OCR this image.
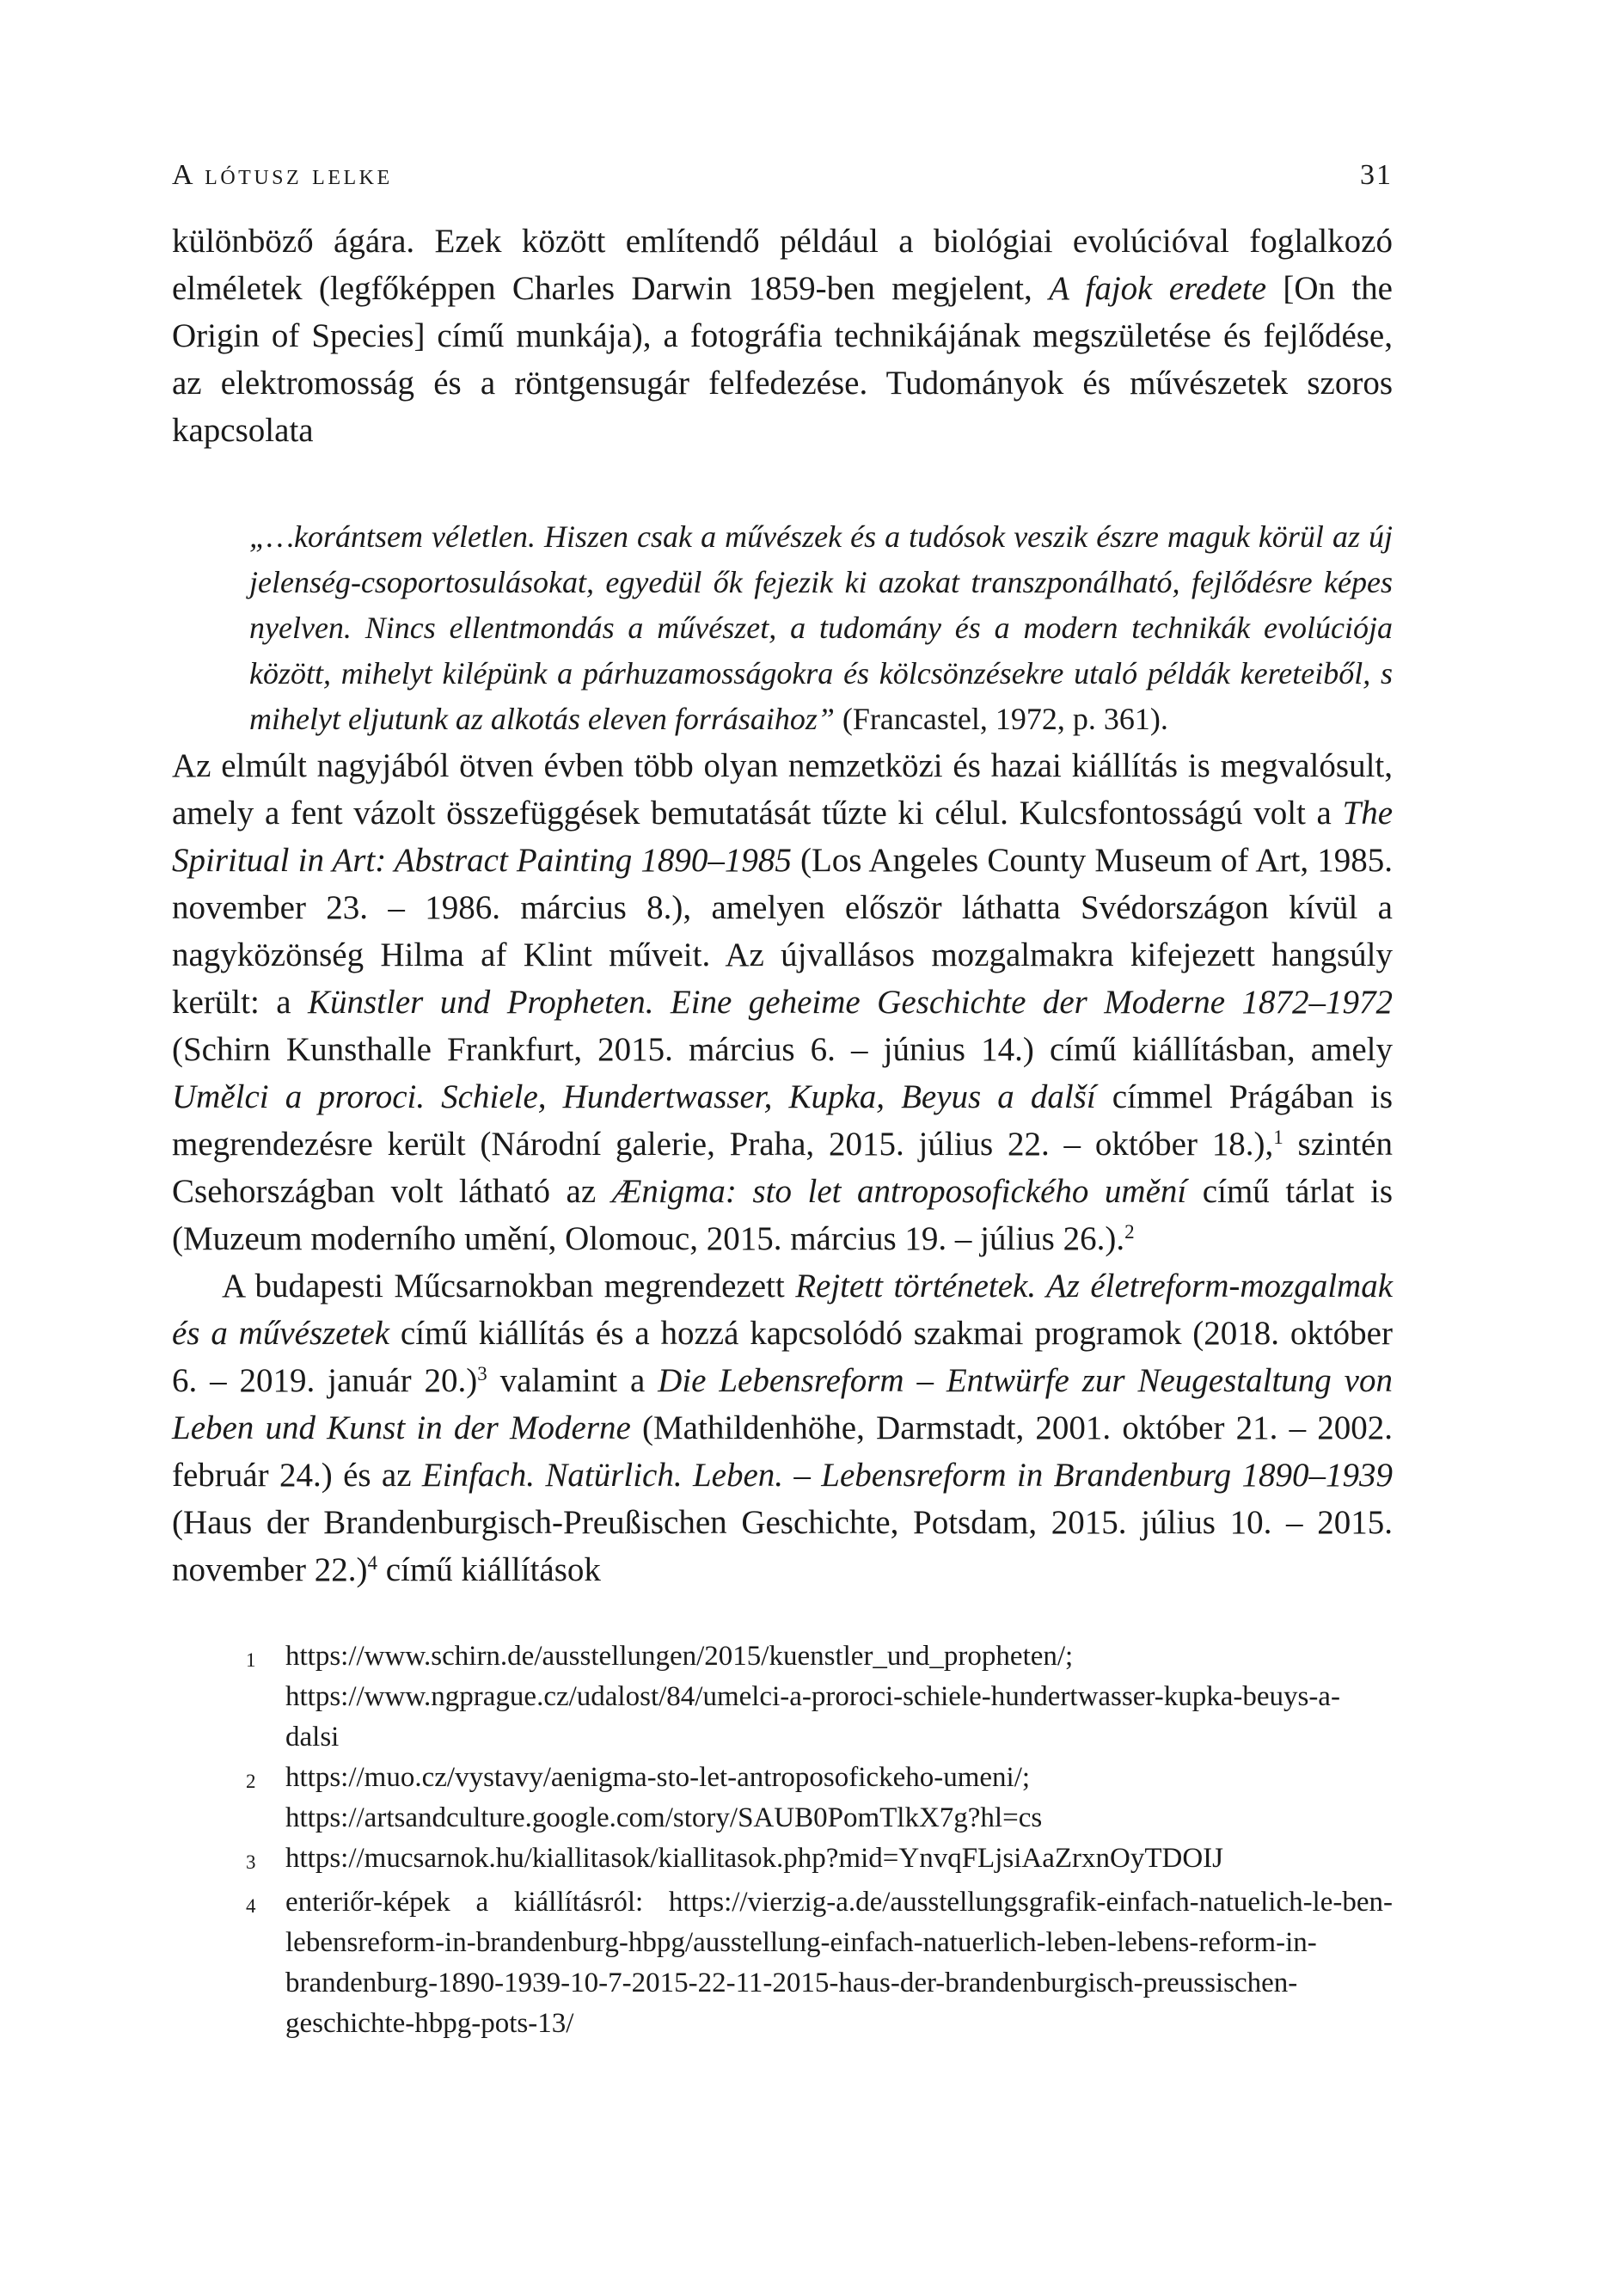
A lótusz lelke	31

különböző ágára. Ezek között említendő például a biológiai evolúcióval foglalkozó elméletek (legfőképpen Charles Darwin 1859-ben megjelent, A fajok eredete [On the Origin of Species] című munkája), a fotográfia technikájának megszületése és fejlődése, az elektromosság és a röntgensugár felfedezése. Tudományok és művészetek szoros kapcsolata

„…korántsem véletlen. Hiszen csak a művészek és a tudósok veszik észre maguk körül az új jelenség-csoportosulásokat, egyedül ők fejezik ki azokat transzponálható, fejlődésre képes nyelven. Nincs ellentmondás a művészet, a tudomány és a modern technikák evolúciója között, mihelyt kilépünk a párhuzamosságokra és kölcsönzésekre utaló példák kereteiből, s mihelyt eljutunk az alkotás eleven forrásaihoz” (Francastel, 1972, p. 361).

Az elmúlt nagyjából ötven évben több olyan nemzetközi és hazai kiállítás is megvalósult, amely a fent vázolt összefüggések bemutatását tűzte ki célul. Kulcsfontosságú volt a The Spiritual in Art: Abstract Painting 1890–1985 (Los Angeles County Museum of Art, 1985. november 23. – 1986. március 8.), amelyen először láthatta Svédországon kívül a nagyközönség Hilma af Klint műveit. Az újvallásos mozgalmakra kifejezett hangsúly került: a Künstler und Propheten. Eine geheime Geschichte der Moderne 1872–1972 (Schirn Kunsthalle Frankfurt, 2015. március 6. – június 14.) című kiállításban, amely Umělci a proroci. Schiele, Hundertwasser, Kupka, Beyus a další címmel Prágában is megrendezésre került (Národní galerie, Praha, 2015. július 22. – október 18.),$^1$ szintén Csehországban volt látható az Ænigma: sto let antroposofického umění című tárlat is (Muzeum moderního umění, Olomouc, 2015. március 19. – július 26.).$^2$

A budapesti Műcsarnokban megrendezett Rejtett történetek. Az életreform-mozgalmak és a művészetek című kiállítás és a hozzá kapcsolódó szakmai programok (2018. október 6. – 2019. január 20.)$^3$ valamint a Die Lebensreform – Entwürfe zur Neugestaltung von Leben und Kunst in der Moderne (Mathildenhöhe, Darmstadt, 2001. október 21. – 2002. február 24.) és az Einfach. Natürlich. Leben. – Lebensreform in Brandenburg 1890–1939 (Haus der Brandenburgisch-Preußischen Geschichte, Potsdam, 2015. július 10. – 2015. november 22.)$^4$ című kiállítások

1	https://www.schirn.de/ausstellungen/2015/kuenstler_und_propheten/; https://www.ngprague.cz/udalost/84/umelci-a-proroci-schiele-hundertwasser-kupka-beuys-a-dalsi
2	https://muo.cz/vystavy/aenigma-sto-let-antroposofickeho-umeni/; https://artsandculture.google.com/story/SAUB0PomTlkX7g?hl=cs
3	https://mucsarnok.hu/kiallitasok/kiallitasok.php?mid=YnvqFLjsiAaZrxnOyTDOIJ
4	enteriőr-képek a kiállításról: https://vierzig-a.de/ausstellungsgrafik-einfach-natuelich-le-ben-lebensreform-in-brandenburg-hbpg/ausstellung-einfach-natuerlich-leben-lebens-reform-in-brandenburg-1890-1939-10-7-2015-22-11-2015-haus-der-brandenburgisch-preussischen-geschichte-hbpg-pots-13/
